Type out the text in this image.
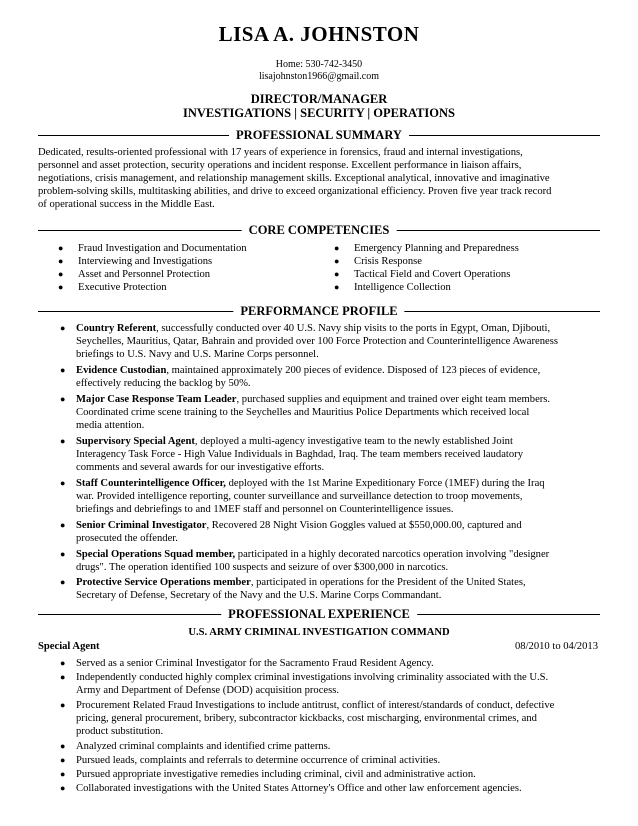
LISA A. JOHNSTON
Home: 530-742-3450
lisajohnston1966@gmail.com
DIRECTOR/MANAGER
INVESTIGATIONS | SECURITY | OPERATIONS
PROFESSIONAL SUMMARY
Dedicated, results-oriented professional with 17 years of experience in forensics, fraud and internal investigations,
personnel and asset protection, security operations and incident response. Excellent performance in liaison affairs,
negotiations, crisis management, and relationship management skills. Exceptional analytical, innovative and imaginative
problem-solving skills, multitasking abilities, and drive to exceed organizational efficiency. Proven five year track record
of operational success in the Middle East.
CORE COMPETENCIES
● Fraud Investigation and Documentation
● Interviewing and Investigations
● Asset and Personnel Protection
● Executive Protection
● Emergency Planning and Preparedness
● Crisis Response
● Tactical Field and Covert Operations
● Intelligence Collection
PERFORMANCE PROFILE
● Country Referent, successfully conducted over 40 U.S. Navy ship visits to the ports in Egypt, Oman, Djibouti,
Seychelles, Mauritius, Qatar, Bahrain and provided over 100 Force Protection and Counterintelligence Awareness
briefings to U.S. Navy and U.S. Marine Corps personnel.
● Evidence Custodian, maintained approximately 200 pieces of evidence. Disposed of 123 pieces of evidence,
effectively reducing the backlog by 50%.
● Major Case Response Team Leader, purchased supplies and equipment and trained over eight team members.
Coordinated crime scene training to the Seychelles and Mauritius Police Departments which received local
media attention.
● Supervisory Special Agent, deployed a multi-agency investigative team to the newly established Joint
Interagency Task Force - High Value Individuals in Baghdad, Iraq. The team members received laudatory
comments and several awards for our investigative efforts.
● Staff Counterintelligence Officer, deployed with the 1st Marine Expeditionary Force (1MEF) during the Iraq
war. Provided intelligence reporting, counter surveillance and surveillance detection to troop movements,
briefings and debriefings to and 1MEF staff and personnel on Counterintelligence issues.
● Senior Criminal Investigator, Recovered 28 Night Vision Goggles valued at $550,000.00, captured and
prosecuted the offender.
● Special Operations Squad member, participated in a highly decorated narcotics operation involving "designer
drugs". The operation identified 100 suspects and seizure of over $300,000 in narcotics.
● Protective Service Operations member, participated in operations for the President of the United States,
Secretary of Defense, Secretary of the Navy and the U.S. Marine Corps Commandant.
PROFESSIONAL EXPERIENCE
U.S. ARMY CRIMINAL INVESTIGATION COMMAND
Special Agent	08/2010 to 04/2013
● Served as a senior Criminal Investigator for the Sacramento Fraud Resident Agency.
● Independently conducted highly complex criminal investigations involving criminality associated with the U.S.
Army and Department of Defense (DOD) acquisition process.
● Procurement Related Fraud Investigations to include antitrust, conflict of interest/standards of conduct, defective
pricing, general procurement, bribery, subcontractor kickbacks, cost mischarging, environmental crimes, and
product substitution.
● Analyzed criminal complaints and identified crime patterns.
● Pursued leads, complaints and referrals to determine occurrence of criminal activities.
● Pursued appropriate investigative remedies including criminal, civil and administrative action.
● Collaborated investigations with the United States Attorney's Office and other law enforcement agencies.
